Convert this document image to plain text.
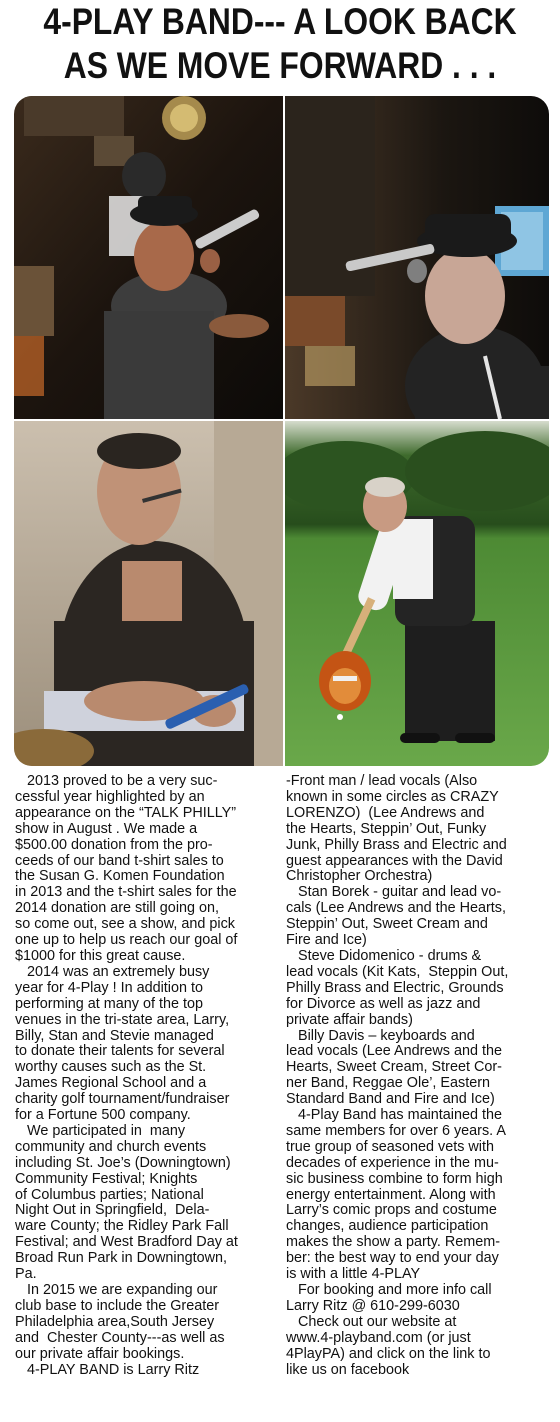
4-PLAY BAND--- A LOOK BACK
AS WE MOVE FORWARD . . .
2013 proved to be a very suc-
cessful year highlighted by an
appearance on the “TALK PHILLY”
show in August . We made a
$500.00 donation from the pro-
ceeds of our band t-shirt sales to
the Susan G. Komen Foundation
in 2013 and the t-shirt sales for the
2014 donation are still going on,
so come out, see a show, and pick
one up to help us reach our goal of
$1000 for this great cause.
2014 was an extremely busy
year for 4-Play ! In addition to
performing at many of the top
venues in the tri-state area, Larry,
Billy, Stan and Stevie managed
to donate their talents for several
worthy causes such as the St.
James Regional School and a
charity golf tournament/fundraiser
for a Fortune 500 company.
We participated in  many
community and church events
including St. Joe’s (Downingtown)
Community Festival; Knights
of Columbus parties; National
Night Out in Springfield,  Dela-
ware County; the Ridley Park Fall
Festival; and West Bradford Day at
Broad Run Park in Downingtown,
Pa.
In 2015 we are expanding our
club base to include the Greater
Philadelphia area,South Jersey
and  Chester County---as well as
our private affair bookings.
4-PLAY BAND is Larry Ritz
-Front man / lead vocals (Also
known in some circles as CRAZY
LORENZO)  (Lee Andrews and
the Hearts, Steppin’ Out, Funky
Junk, Philly Brass and Electric and
guest appearances with the David
Christopher Orchestra)
Stan Borek - guitar and lead vo-
cals (Lee Andrews and the Hearts,
Steppin’ Out, Sweet Cream and
Fire and Ice)
Steve Didomenico - drums &
lead vocals (Kit Kats,  Steppin Out,
Philly Brass and Electric, Grounds
for Divorce as well as jazz and
private affair bands)
Billy Davis – keyboards and
lead vocals (Lee Andrews and the
Hearts, Sweet Cream, Street Cor-
ner Band, Reggae Ole’, Eastern
Standard Band and Fire and Ice)
4-Play Band has maintained the
same members for over 6 years. A
true group of seasoned vets with
decades of experience in the mu-
sic business combine to form high
energy entertainment. Along with
Larry’s comic props and costume
changes, audience participation
makes the show a party. Remem-
ber: the best way to end your day
is with a little 4-PLAY
For booking and more info call
Larry Ritz @ 610-299-6030
Check out our website at
www.4-playband.com (or just
4PlayPA) and click on the link to
like us on facebook
